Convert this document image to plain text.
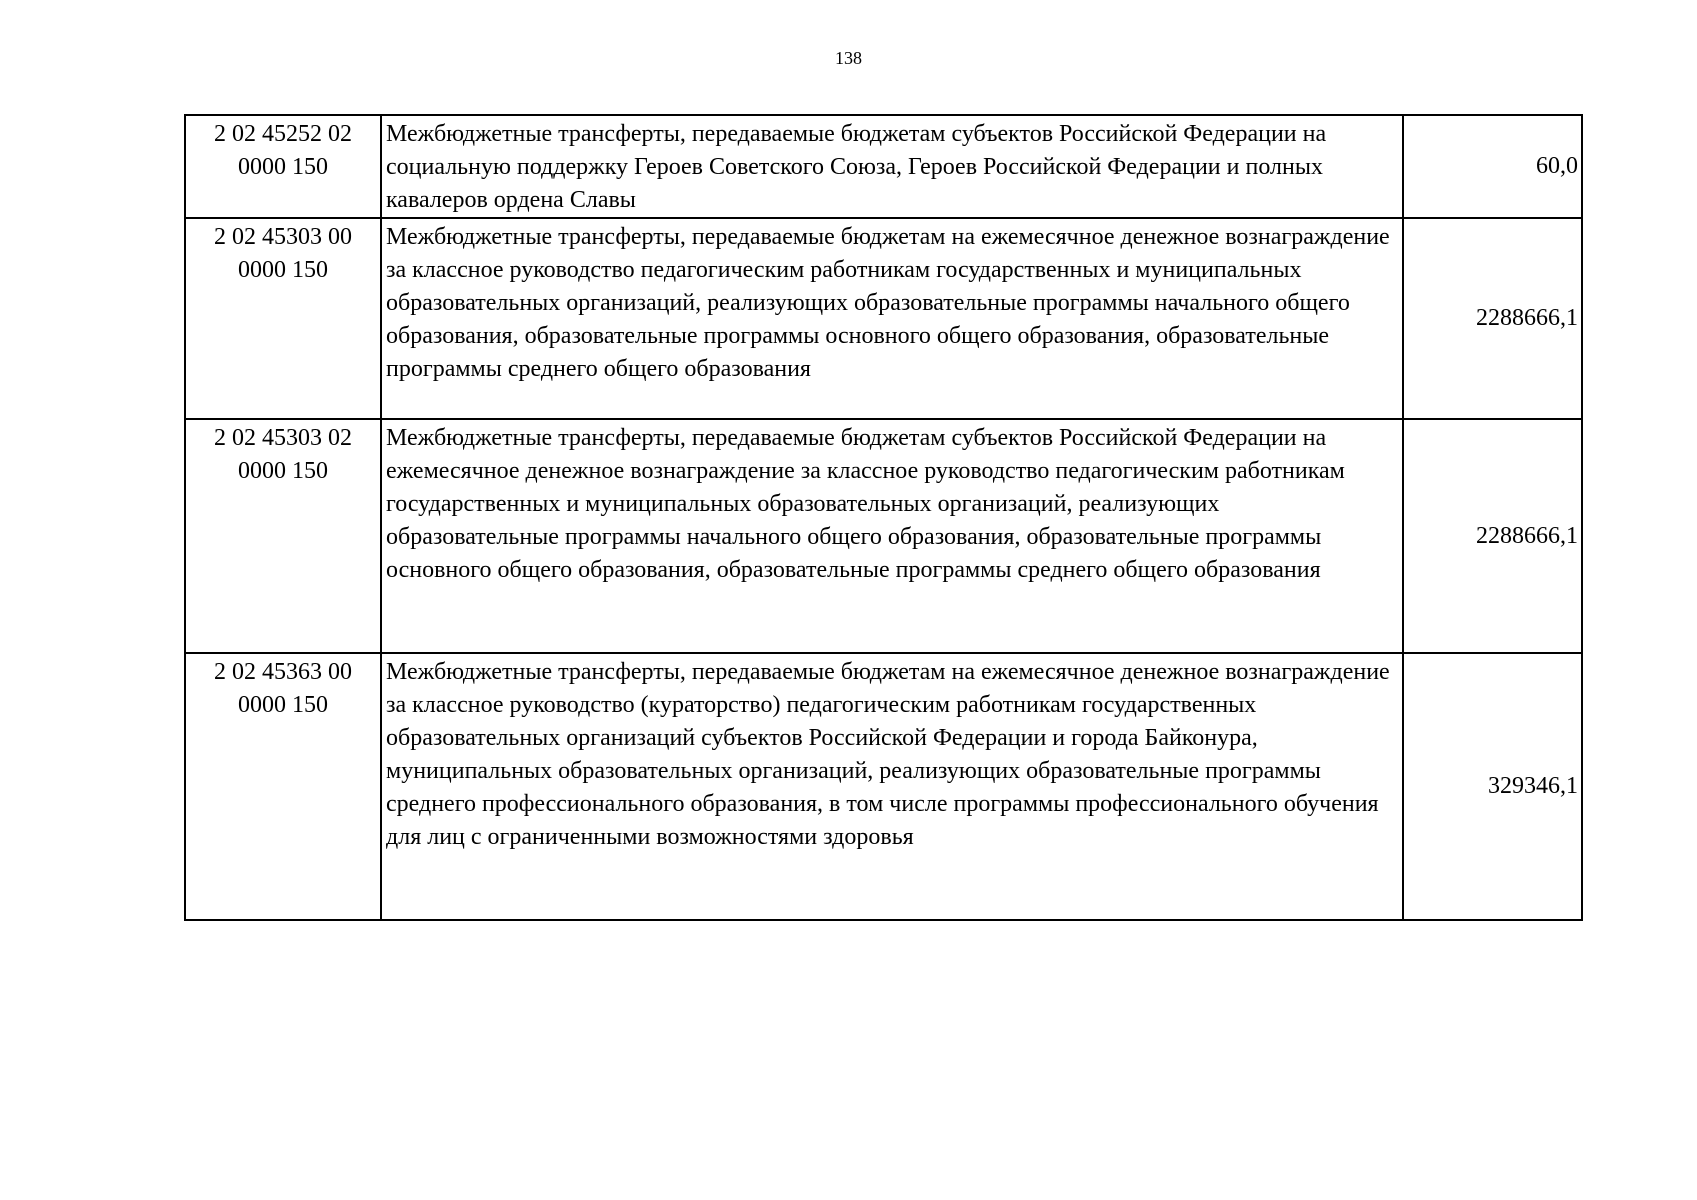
138
2 02 45252 02 0000 150	Межбюджетные трансферты, передаваемые бюджетам субъектов Российской Федерации на социальную поддержку Героев Советского Союза, Героев Российской Федерации и полных кавалеров ордена Славы	60,0
2 02 45303 00 0000 150	Межбюджетные трансферты, передаваемые бюджетам на ежемесячное денежное вознаграждение за классное руководство педагогическим работникам государственных и муниципальных образовательных организаций, реализующих образовательные программы начального общего образования, образовательные программы основного общего образования, образовательные программы среднего общего образования	2288666,1
2 02 45303 02 0000 150	Межбюджетные трансферты, передаваемые бюджетам субъектов Российской Федерации на ежемесячное денежное вознаграждение за классное руководство педагогическим работникам государственных и муниципальных образовательных организаций, реализующих образовательные программы начального общего образования, образовательные программы основного общего образования, образовательные программы среднего общего образования	2288666,1
2 02 45363 00 0000 150	Межбюджетные трансферты, передаваемые бюджетам на ежемесячное денежное вознаграждение за классное руководство (кураторство) педагогическим работникам государственных образовательных организаций субъектов Российской Федерации и города Байконура, муниципальных образовательных организаций, реализующих образовательные программы среднего профессионального образования, в том числе программы профессионального обучения для лиц с ограниченными возможностями здоровья	329346,1
